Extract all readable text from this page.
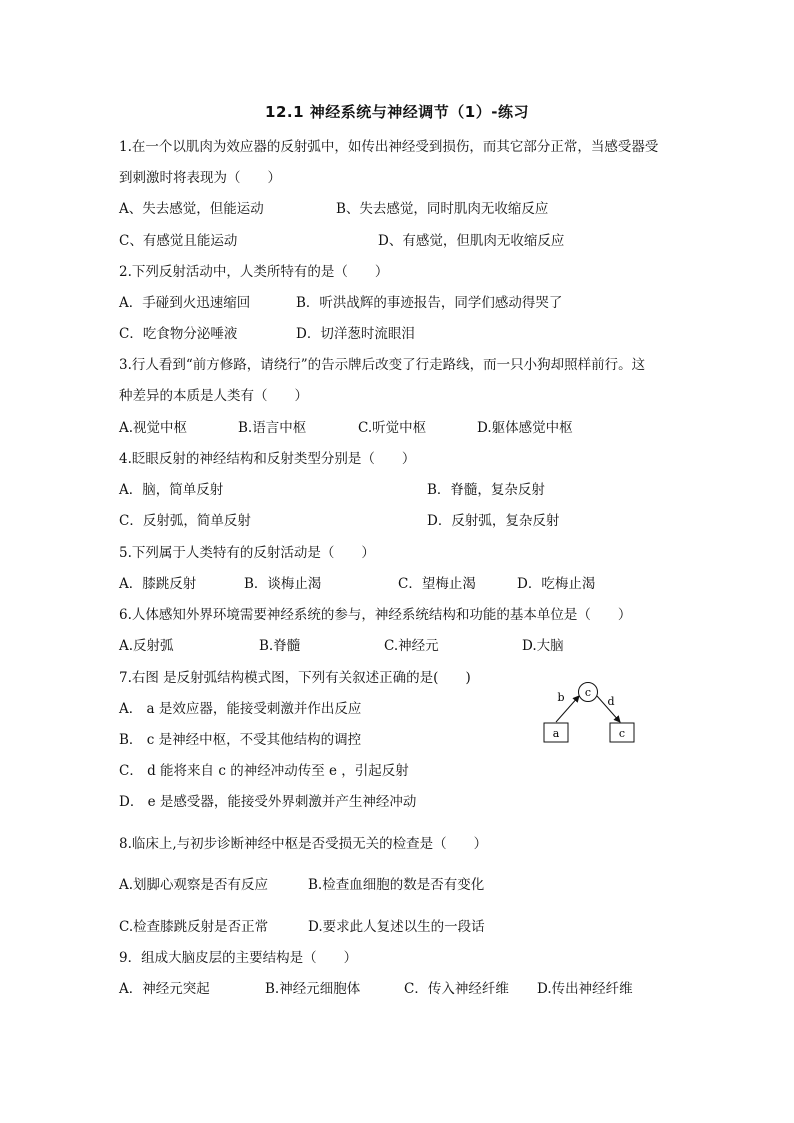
12.1 神经系统与神经调节（1）-练习
1.在一个以肌肉为效应器的反射弧中，如传出神经受到损伤，而其它部分正常，当感受器受
到刺激时将表现为（　　）
A、失去感觉，但能运动	B、失去感觉，同时肌肉无收缩反应
C、有感觉且能运动	D、有感觉，但肌肉无收缩反应
2.下列反射活动中，人类所特有的是（　　）
A．手碰到火迅速缩回	B．听洪战辉的事迹报告，同学们感动得哭了
C．吃食物分泌唾液	D．切洋葱时流眼泪
3.行人看到“前方修路，请绕行”的告示牌后改变了行走路线，而一只小狗却照样前行。这
种差异的本质是人类有（　　）
A.视觉中枢	B.语言中枢	C.听觉中枢	D.躯体感觉中枢
4.眨眼反射的神经结构和反射类型分别是（　　）
A．脑，简单反射	B．脊髓，复杂反射
C．反射弧，简单反射	D．反射弧，复杂反射
5.下列属于人类特有的反射活动是（　　）
A．膝跳反射	B．谈梅止渴	C．望梅止渴	D．吃梅止渴
6.人体感知外界环境需要神经系统的参与，神经系统结构和功能的基本单位是（　　）
A.反射弧	B.脊髓	C.神经元	D.大脑
7.右图 是反射弧结构模式图，下列有关叙述正确的是(　　)
A． a 是效应器，能接受刺激并作出反应
B． c 是神经中枢，不受其他结构的调控
C． d 能将来自 c 的神经冲动传至 e ，引起反射
D． e 是感受器，能接受外界刺激并产生神经冲动
c
b	d
a	c
8.临床上,与初步诊断神经中枢是否受损无关的检查是（　　）
A.划脚心观察是否有反应	B.检查血细胞的数是否有变化
C.检查膝跳反射是否正常	D.要求此人复述以生的一段话
9．组成大脑皮层的主要结构是（　　）
A．神经元突起	B.神经元细胞体	C．传入神经纤维 D.传出神经纤维
